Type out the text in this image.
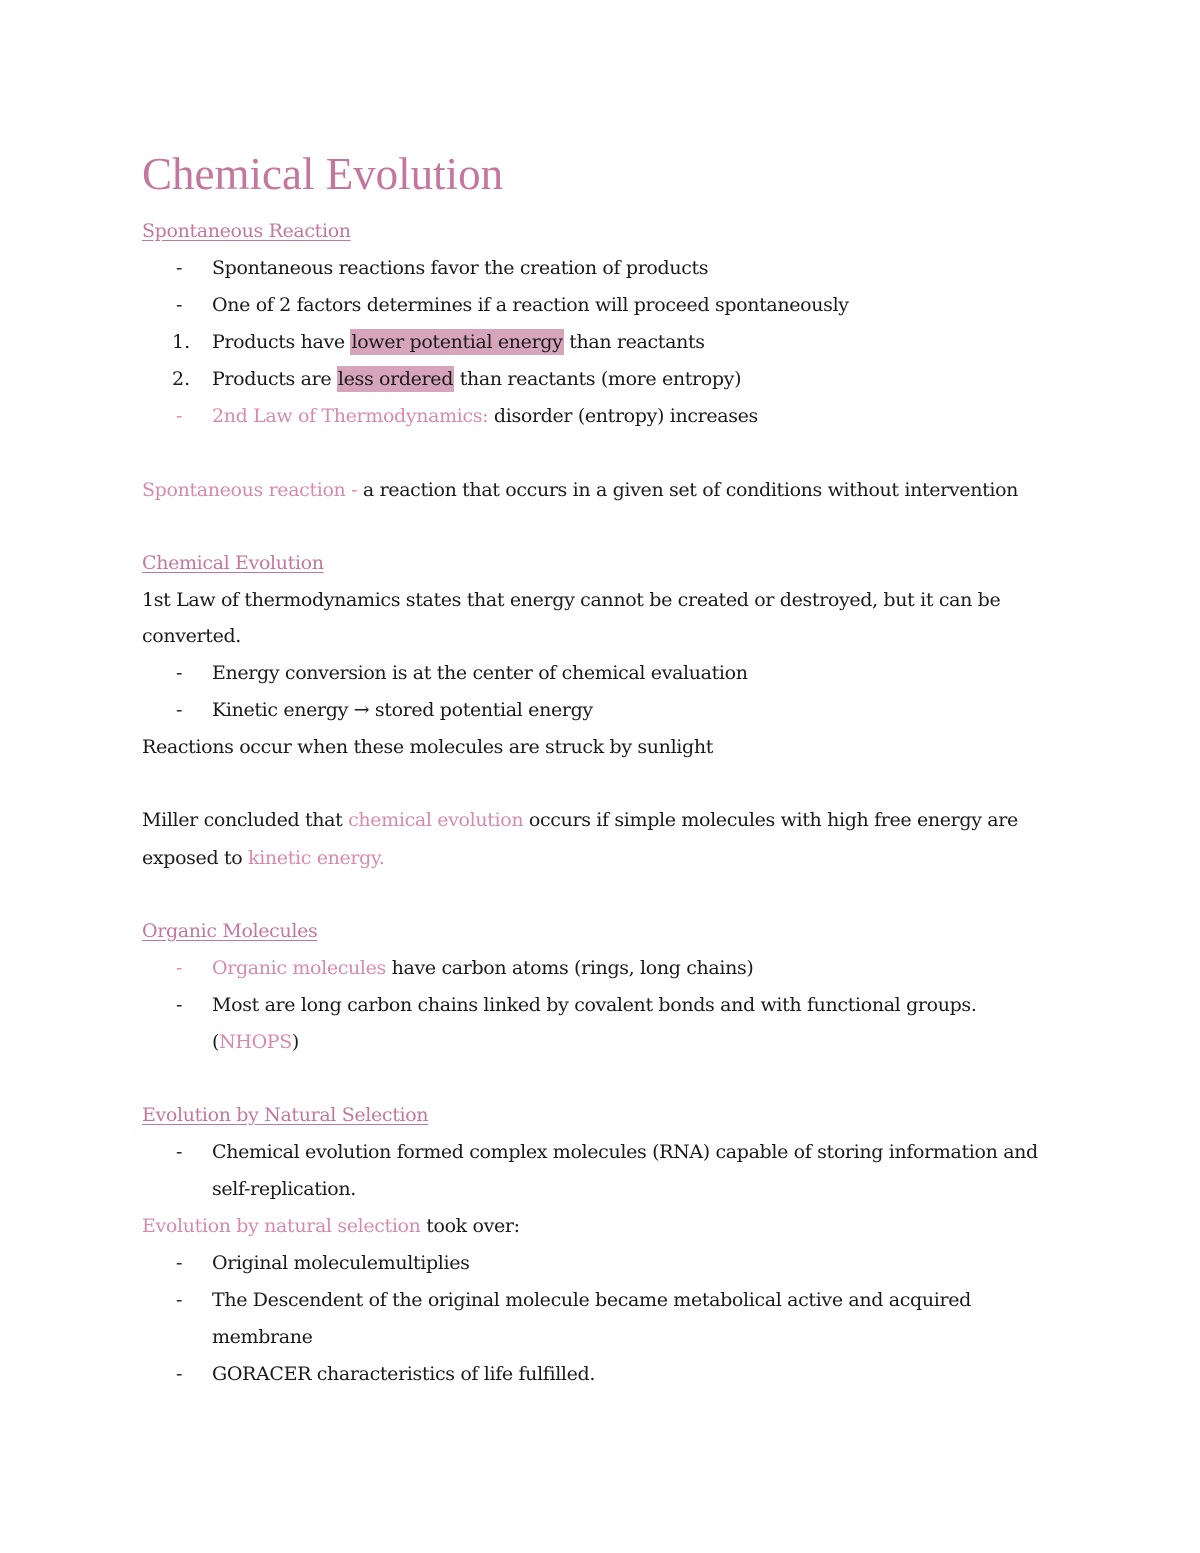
Chemical Evolution
Spontaneous Reaction
- Spontaneous reactions favor the creation of products
- One of 2 factors determines if a reaction will proceed spontaneously
1. Products have lower potential energy than reactants
2. Products are less ordered than reactants (more entropy)
- 2nd Law of Thermodynamics: disorder (entropy) increases
Spontaneous reaction - a reaction that occurs in a given set of conditions without intervention
Chemical Evolution
1st Law of thermodynamics states that energy cannot be created or destroyed, but it can be
converted.
- Energy conversion is at the center of chemical evaluation
- Kinetic energy → stored potential energy
Reactions occur when these molecules are struck by sunlight
Miller concluded that chemical evolution occurs if simple molecules with high free energy are
exposed to kinetic energy.
Organic Molecules
- Organic molecules have carbon atoms (rings, long chains)
- Most are long carbon chains linked by covalent bonds and with functional groups.
(NHOPS)
Evolution by Natural Selection
- Chemical evolution formed complex molecules (RNA) capable of storing information and
self-replication.
Evolution by natural selection took over:
- Original moleculemultiplies
- The Descendent of the original molecule became metabolical active and acquired
membrane
- GORACER characteristics of life fulfilled.
